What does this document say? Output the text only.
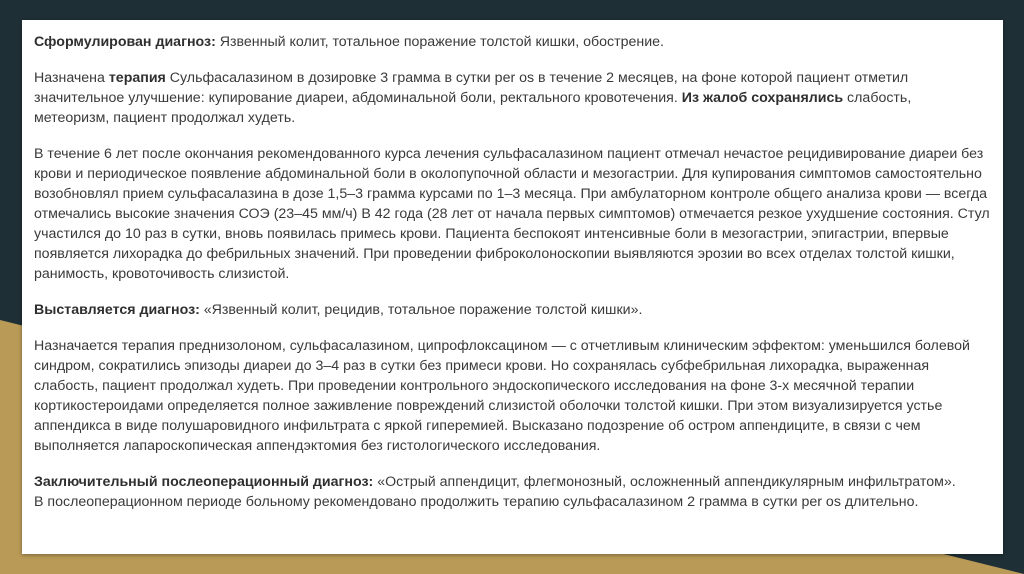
Сформулирован диагноз: Язвенный колит, тотальное поражение толстой кишки, обострение.

Назначена терапия Сульфасалазином в дозировке 3 грамма в сутки per os в течение 2 месяцев, на фоне которой пациент отметил значительное улучшение: купирование диареи, абдоминальной боли, ректального кровотечения. Из жалоб сохранялись слабость, метеоризм, пациент продолжал худеть.

В течение 6 лет после окончания рекомендованного курса лечения сульфасалазином пациент отмечал нечастое рецидивирование диареи без крови и периодическое появление абдоминальной боли в околопупочной области и мезогастрии. Для купирования симптомов самостоятельно возобновлял прием сульфасалазина в дозе 1,5–3 грамма курсами по 1–3 месяца. При амбулаторном контроле общего анализа крови — всегда отмечались высокие значения СОЭ (23–45 мм/ч) В 42 года (28 лет от начала первых симптомов) отмечается резкое ухудшение состояния. Стул участился до 10 раз в сутки, вновь появилась примесь крови. Пациента беспокоят интенсивные боли в мезогастрии, эпигастрии, впервые появляется лихорадка до фебрильных значений. При проведении фиброколоноскопии выявляются эрозии во всех отделах толстой кишки, ранимость, кровоточивость слизистой.

Выставляется диагноз: «Язвенный колит, рецидив, тотальное поражение толстой кишки».

Назначается терапия преднизолоном, сульфасалазином, ципрофлоксацином — с отчетливым клиническим эффектом: уменьшился болевой синдром, сократились эпизоды диареи до 3–4 раз в сутки без примеси крови. Но сохранялась субфебрильная лихорадка, выраженная слабость, пациент продолжал худеть. При проведении контрольного эндоскопического исследования на фоне 3-х месячной терапии кортикостероидами определяется полное заживление повреждений слизистой оболочки толстой кишки. При этом визуализируется устье аппендикса в виде полушаровидного инфильтрата с яркой гиперемией. Высказано подозрение об остром аппендиците, в связи с чем выполняется лапароскопическая аппендэктомия без гистологического исследования.

Заключительный послеоперационный диагноз: «Острый аппендицит, флегмонозный, осложненный аппендикулярным инфильтратом».
В послеоперационном периоде больному рекомендовано продолжить терапию сульфасалазином 2 грамма в сутки per os длительно.
